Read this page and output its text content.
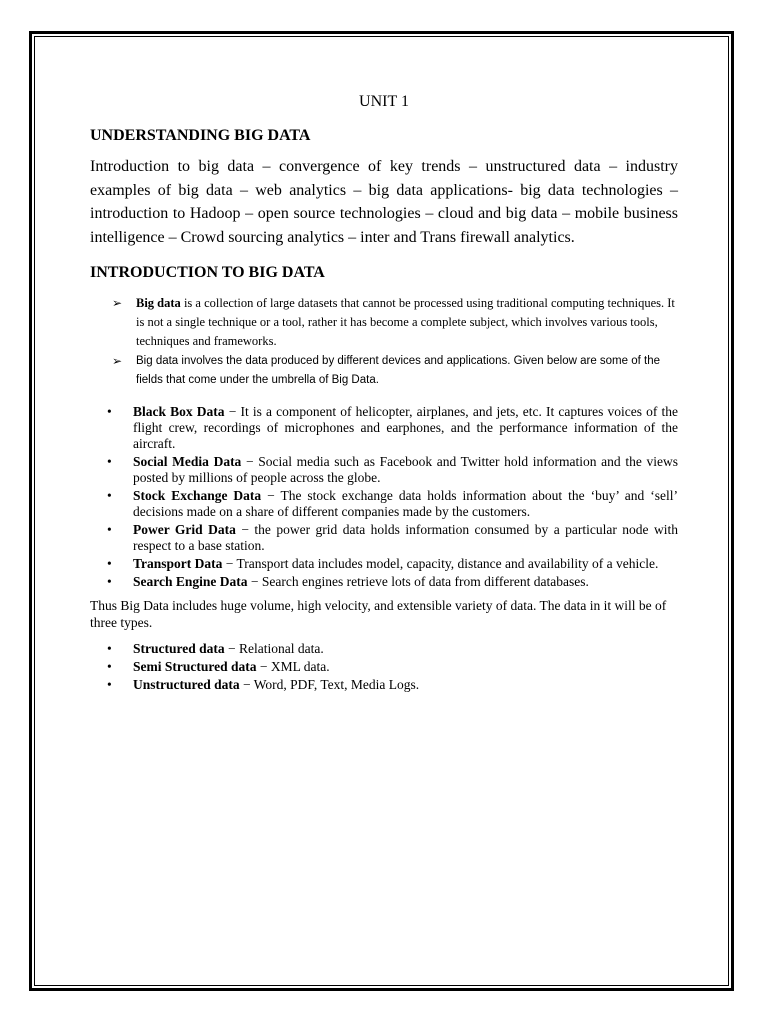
UNIT 1
UNDERSTANDING BIG DATA

Introduction to big data – convergence of key trends – unstructured data – industry examples of big data – web analytics – big data applications- big data technologies – introduction to Hadoop – open source technologies – cloud and big data – mobile business intelligence – Crowd sourcing analytics – inter and Trans firewall analytics.

INTRODUCTION TO BIG DATA
➢ Big data is a collection of large datasets that cannot be processed using traditional computing techniques. It is not a single technique or a tool, rather it has become a complete subject, which involves various tools, techniques and frameworks.
➢ Big data involves the data produced by different devices and applications. Given below are some of the fields that come under the umbrella of Big Data.
• Black Box Data − It is a component of helicopter, airplanes, and jets, etc. It captures voices of the flight crew, recordings of microphones and earphones, and the performance information of the aircraft.
• Social Media Data − Social media such as Facebook and Twitter hold information and the views posted by millions of people across the globe.
• Stock Exchange Data − The stock exchange data holds information about the ‘buy’ and ‘sell’ decisions made on a share of different companies made by the customers.
• Power Grid Data − the power grid data holds information consumed by a particular node with respect to a base station.
• Transport Data − Transport data includes model, capacity, distance and availability of a vehicle.
• Search Engine Data − Search engines retrieve lots of data from different databases.

Thus Big Data includes huge volume, high velocity, and extensible variety of data. The data in it will be of three types.

• Structured data − Relational data.
• Semi Structured data − XML data.
• Unstructured data − Word, PDF, Text, Media Logs.
